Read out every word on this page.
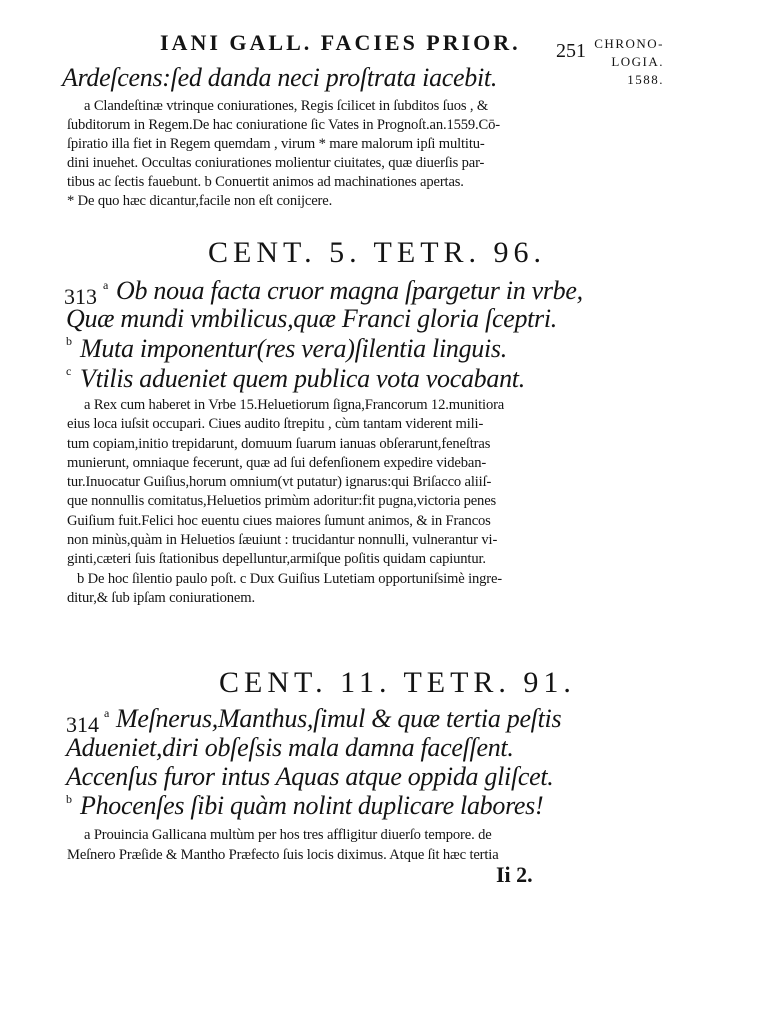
IANI GALL. FACIES PRIOR. 251 CHRONO-
LOGIA.
1588.
Ardeſcens:ſed danda neci proſtrata iacebit.
a Clandeſtinæ vtrinque coniurationes, Regis ſcilicet in ſubditos ſuos , &
ſubditorum in Regem.De hac coniuratione ſic Vates in Prognoſt.an.1559.Cō-
ſpiratio illa fiet in Regem quemdam , virum * mare malorum ipſi multitu-
dini inuehet. Occultas coniurationes molientur ciuitates, quæ diuerſis par-
tibus ac ſectis fauebunt. b Conuertit animos ad machinationes apertas.
* De quo hæc dicantur,facile non eſt conijcere.
CENT. 5. TETR. 96.
313 a Ob noua facta cruor magna ſpargetur in vrbe,
Quæ mundi vmbilicus,quæ Franci gloria ſceptri.
b Muta imponentur(res vera)ſilentia linguis.
c Vtilis adueniet quem publica vota vocabant.
a Rex cum haberet in Vrbe 15.Heluetiorum ſigna,Francorum 12.munitiora
eius loca iuſsit occupari. Ciues audito ſtrepitu , cùm tantam viderent mili-
tum copiam,initio trepidarunt, domuum ſuarum ianuas obſerarunt,feneſtras
munierunt, omniaque fecerunt, quæ ad ſui defenſionem expedire videban-
tur.Inuocatur Guiſius,horum omnium(vt putatur) ignarus:qui Briſacco aliiſ-
que nonnullis comitatus,Heluetios primùm adoritur:fit pugna,victoria penes
Guiſium fuit.Felici hoc euentu ciues maiores ſumunt animos, & in Francos
non minùs,quàm in Heluetios ſæuiunt : trucidantur nonnulli, vulnerantur vi-
ginti,cæteri ſuis ſtationibus depelluntur,armiſque poſitis quidam capiuntur.
b De hoc ſilentio paulo poſt. c Dux Guiſius Lutetiam opportuniſsimè ingre-
ditur,& ſub ipſam coniurationem.
CENT. 11. TETR. 91.
314 a Meſnerus,Manthus,ſimul & quæ tertia peſtis
Adueniet,diri obſeſsis mala damna faceſſent.
Accenſus furor intus Aquas atque oppida gliſcet.
b Phocenſes ſibi quàm nolint duplicare labores!
a Prouincia Gallicana multùm per hos tres affligitur diuerſo tempore. de
Meſnero Præſide & Mantho Præfecto ſuis locis diximus. Atque ſit hæc tertia
Ii 2.
